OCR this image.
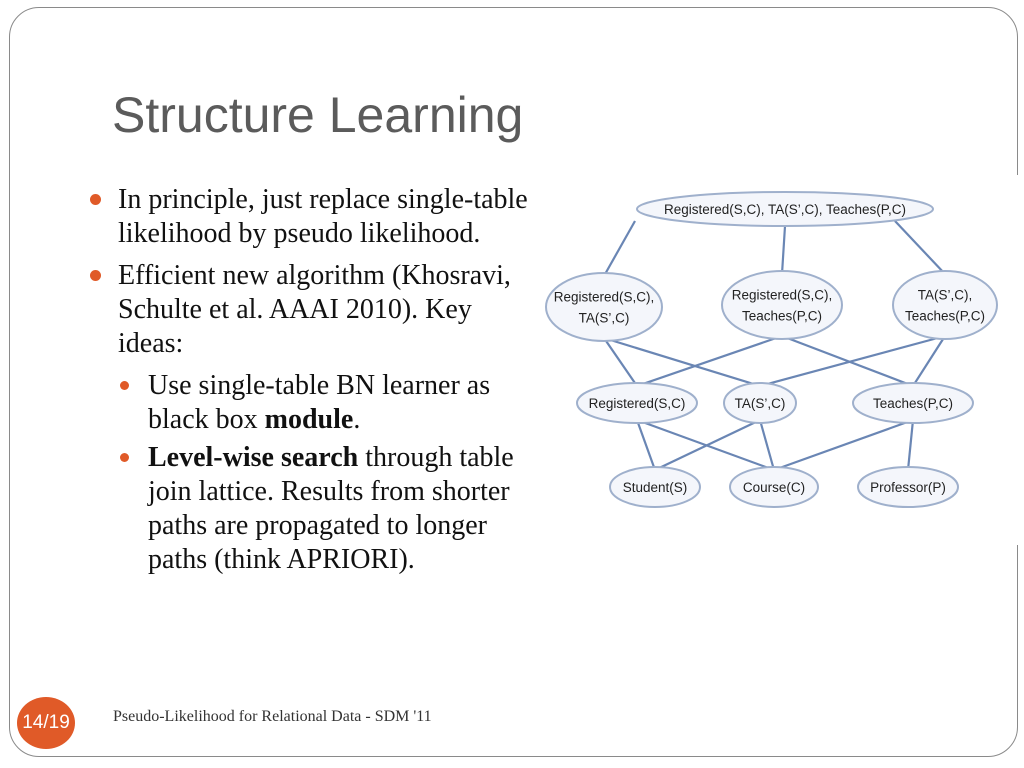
Structure Learning
In principle, just replace single-table likelihood by pseudo likelihood.
Efficient new algorithm (Khosravi, Schulte et al. AAAI 2010). Key ideas:
Use single-table BN learner as black box module.
Level-wise search through table join lattice. Results from shorter paths are propagated to longer paths (think APRIORI).
Registered(S,C), TA(S’,C), Teaches(P,C)
Registered(S,C),
TA(S’,C)
Registered(S,C),
Teaches(P,C)
TA(S’,C),
Teaches(P,C)
Registered(S,C)	TA(S’,C)	Teaches(P,C)
Student(S)	Course(C)	Professor(P)
14/19	Pseudo-Likelihood for Relational Data - SDM '11
